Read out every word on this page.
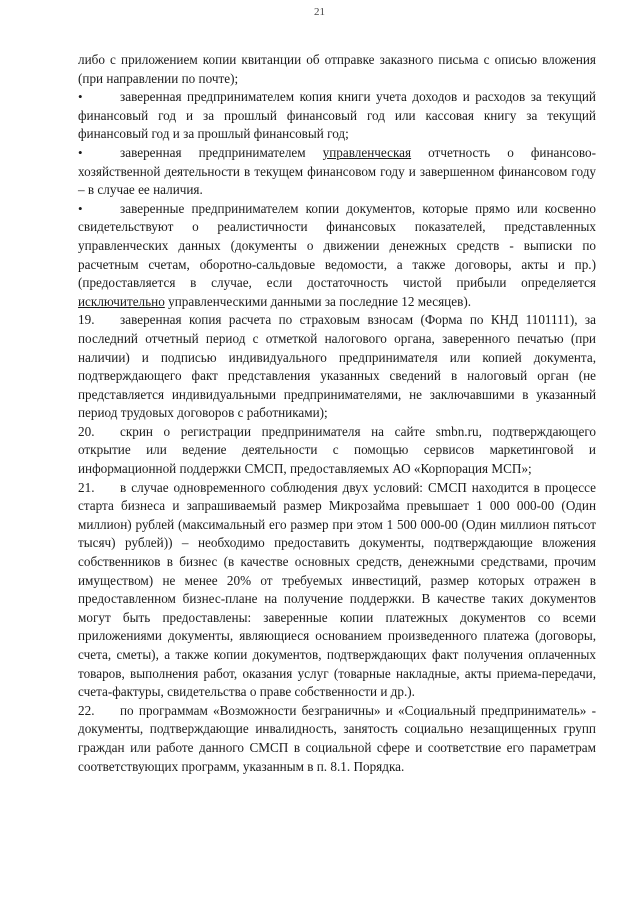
21

либо с приложением копии квитанции об отправке заказного письма с описью вложения (при направлении по почте);

•	заверенная предпринимателем копия книги учета доходов и расходов за текущий финансовый год и за прошлый финансовый год или кассовая книгу за текущий финансовый год и за прошлый финансовый год;

•	заверенная предпринимателем управленческая отчетность о финансово-хозяйственной деятельности в текущем финансовом году и завершенном финансовом году – в случае ее наличия.

•	заверенные предпринимателем копии документов, которые прямо или косвенно свидетельствуют о реалистичности финансовых показателей, представленных управленческих данных (документы о движении денежных средств - выписки по расчетным счетам, оборотно-сальдовые ведомости, а также договоры, акты и пр.) (предоставляется в случае, если достаточность чистой прибыли определяется исключительно управленческими данными за последние 12 месяцев).

19. заверенная копия расчета по страховым взносам (Форма по КНД 1101111), за последний отчетный период с отметкой налогового органа, заверенного печатью (при наличии) и подписью индивидуального предпринимателя или копией документа, подтверждающего факт представления указанных сведений в налоговый орган (не представляется индивидуальными предпринимателями, не заключавшими в указанный период трудовых договоров с работниками);

20. скрин о регистрации предпринимателя на сайте smbn.ru, подтверждающего открытие или ведение деятельности с помощью сервисов маркетинговой и информационной поддержки СМСП, предоставляемых АО «Корпорация МСП»;

21. в случае одновременного соблюдения двух условий: СМСП находится в процессе старта бизнеса и запрашиваемый размер Микрозайма превышает 1 000 000-00 (Один миллион) рублей (максимальный его размер при этом 1 500 000-00 (Один миллион пятьсот тысяч) рублей)) – необходимо предоставить документы, подтверждающие вложения собственников в бизнес (в качестве основных средств, денежными средствами, прочим имуществом) не менее 20% от требуемых инвестиций, размер которых отражен в предоставленном бизнес-плане на получение поддержки. В качестве таких документов могут быть предоставлены: заверенные копии платежных документов со всеми приложениями документы, являющиеся основанием произведенного платежа (договоры, счета, сметы), а также копии документов, подтверждающих факт получения оплаченных товаров, выполнения работ, оказания услуг (товарные накладные, акты приема-передачи, счета-фактуры, свидетельства о праве собственности и др.).

22. по программам «Возможности безграничны» и «Социальный предприниматель» - документы, подтверждающие инвалидность, занятость социально незащищенных групп граждан или работе данного СМСП в социальной сфере и соответствие его параметрам соответствующих программ, указанным в п. 8.1. Порядка.
